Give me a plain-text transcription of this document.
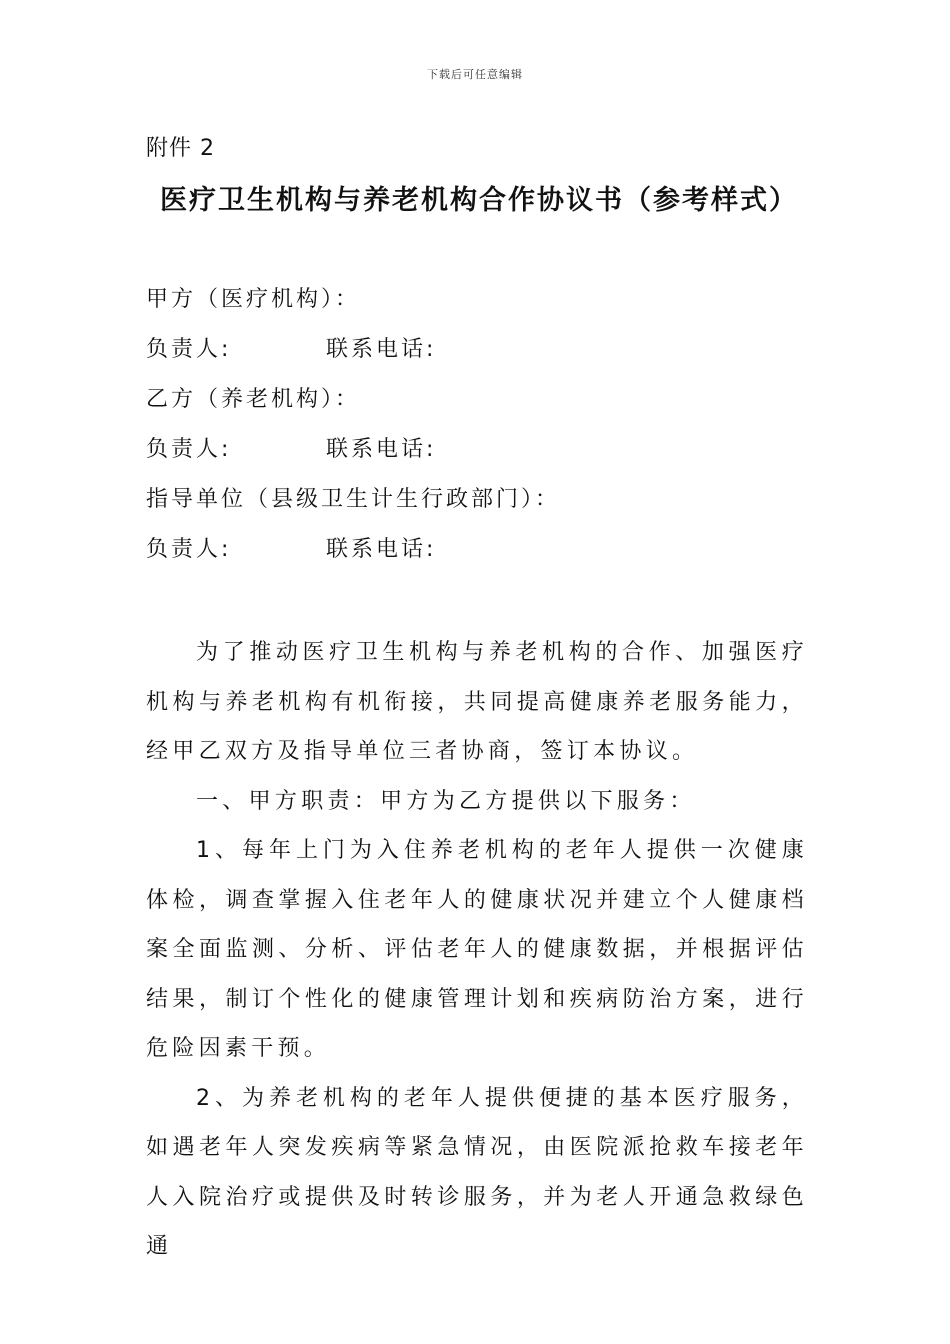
下载后可任意编辑
附件 2
医疗卫生机构与养老机构合作协议书（参考样式）
甲方（医疗机构）：
负责人:	联系电话:
乙方（养老机构）：
负责人:	联系电话:
指导单位（县级卫生计生行政部门）：
负责人:	联系电话:

为了推动医疗卫生机构与养老机构的合作、加强医疗机构与养老机构有机衔接，共同提高健康养老服务能力，经甲乙双方及指导单位三者协商，签订本协议。

一、甲方职责：甲方为乙方提供以下服务：

1、每年上门为入住养老机构的老年人提供一次健康体检，调查掌握入住老年人的健康状况并建立个人健康档案全面监测、分析、评估老年人的健康数据，并根据评估结果，制订个性化的健康管理计划和疾病防治方案，进行危险因素干预。

2、为养老机构的老年人提供便捷的基本医疗服务，如遇老年人突发疾病等紧急情况，由医院派抢救车接老年人入院治疗或提供及时转诊服务，并为老人开通急救绿色通
